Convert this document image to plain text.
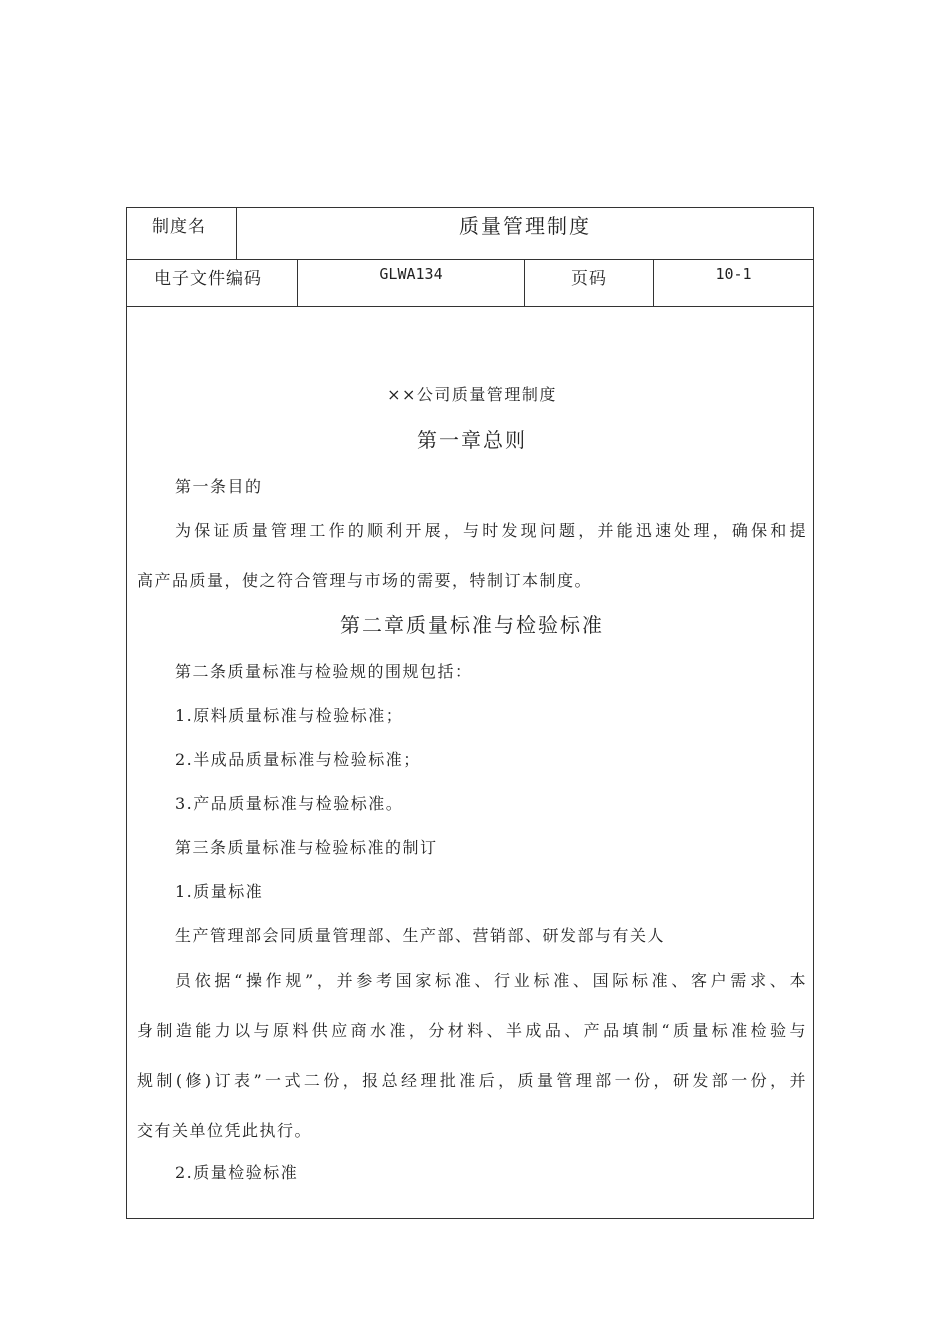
制度名	质量管理制度
电子文件编码	GLWA134	页码	10-1
××公司质量管理制度
第一章总则
第一条目的
为保证质量管理工作的顺利开展，与时发现问题，并能迅速处理，确保和提
高产品质量，使之符合管理与市场的需要，特制订本制度。
第二章质量标准与检验标准
第二条质量标准与检验规的围规包括：
1.原料质量标准与检验标准；
2.半成品质量标准与检验标准；
3.产品质量标准与检验标准。
第三条质量标准与检验标准的制订
1.质量标准
生产管理部会同质量管理部、生产部、营销部、研发部与有关人
员依据“操作规”，并参考国家标准、行业标准、国际标准、客户需求、本
身制造能力以与原料供应商水准，分材料、半成品、产品填制“质量标准检验与
规制(修)订表”一式二份，报总经理批准后，质量管理部一份，研发部一份，并
交有关单位凭此执行。
2.质量检验标准
